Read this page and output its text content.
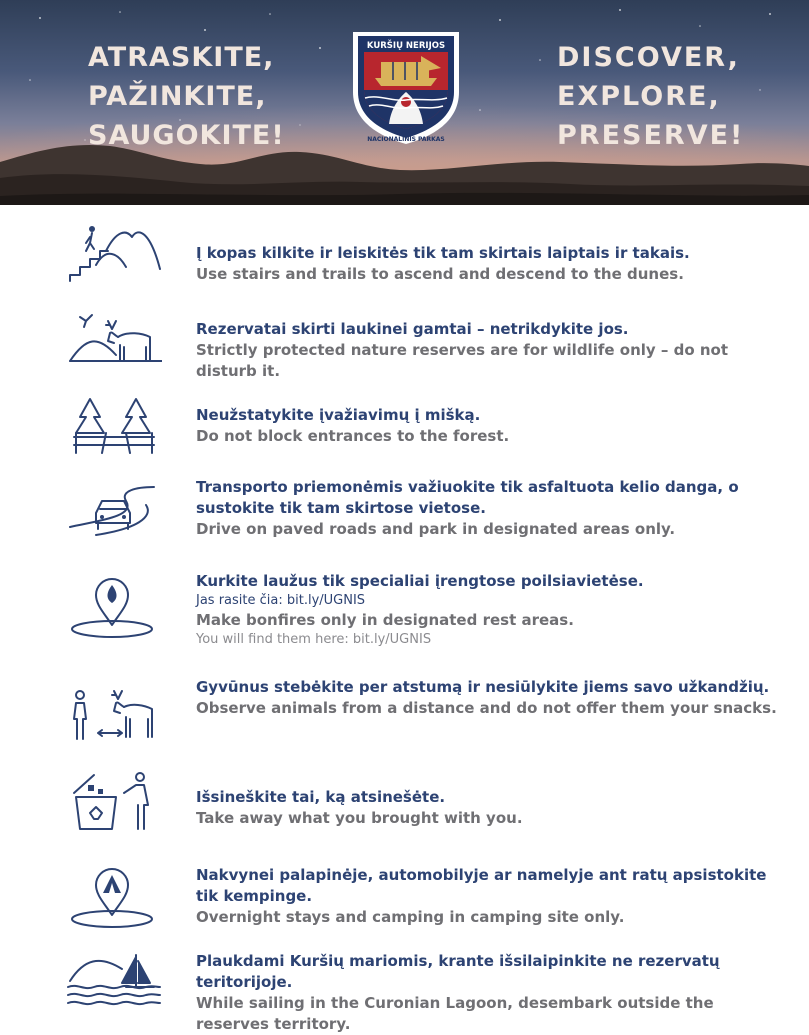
ATRASKITE,
PAŽINKITE,
SAUGOKITE!
KURŠIŲ NERIJOS
NACIONALINIS PARKAS
DISCOVER,
EXPLORE,
PRESERVE!
Į kopas kilkite ir leiskitės tik tam skirtais laiptais ir takais.
Use stairs and trails to ascend and descend to the dunes.
Rezervatai skirti laukinei gamtai – netrikdykite jos.
Strictly protected nature reserves are for wildlife only – do not disturb it.
Neužstatykite įvažiavimų į mišką.
Do not block entrances to the forest.
Transporto priemonėmis važiuokite tik asfaltuota kelio danga, o sustokite tik tam skirtose vietose.
Drive on paved roads and park in designated areas only.
Kurkite laužus tik specialiai įrengtose poilsiavietėse.
Jas rasite čia: bit.ly/UGNIS
Make bonfires only in designated rest areas.
You will find them here: bit.ly/UGNIS
Gyvūnus stebėkite per atstumą ir nesiūlykite jiems savo užkandžių.
Observe animals from a distance and do not offer them your snacks.
Išsineškite tai, ką atsinešėte.
Take away what you brought with you.
Nakvynei palapinėje, automobilyje ar namelyje ant ratų apsistokite tik kempinge.
Overnight stays and camping in camping site only.
Plaukdami Kuršių mariomis, krante išsilaipinkite ne rezervatų teritorijoje.
While sailing in the Curonian Lagoon, desembark outside the reserves territory.
